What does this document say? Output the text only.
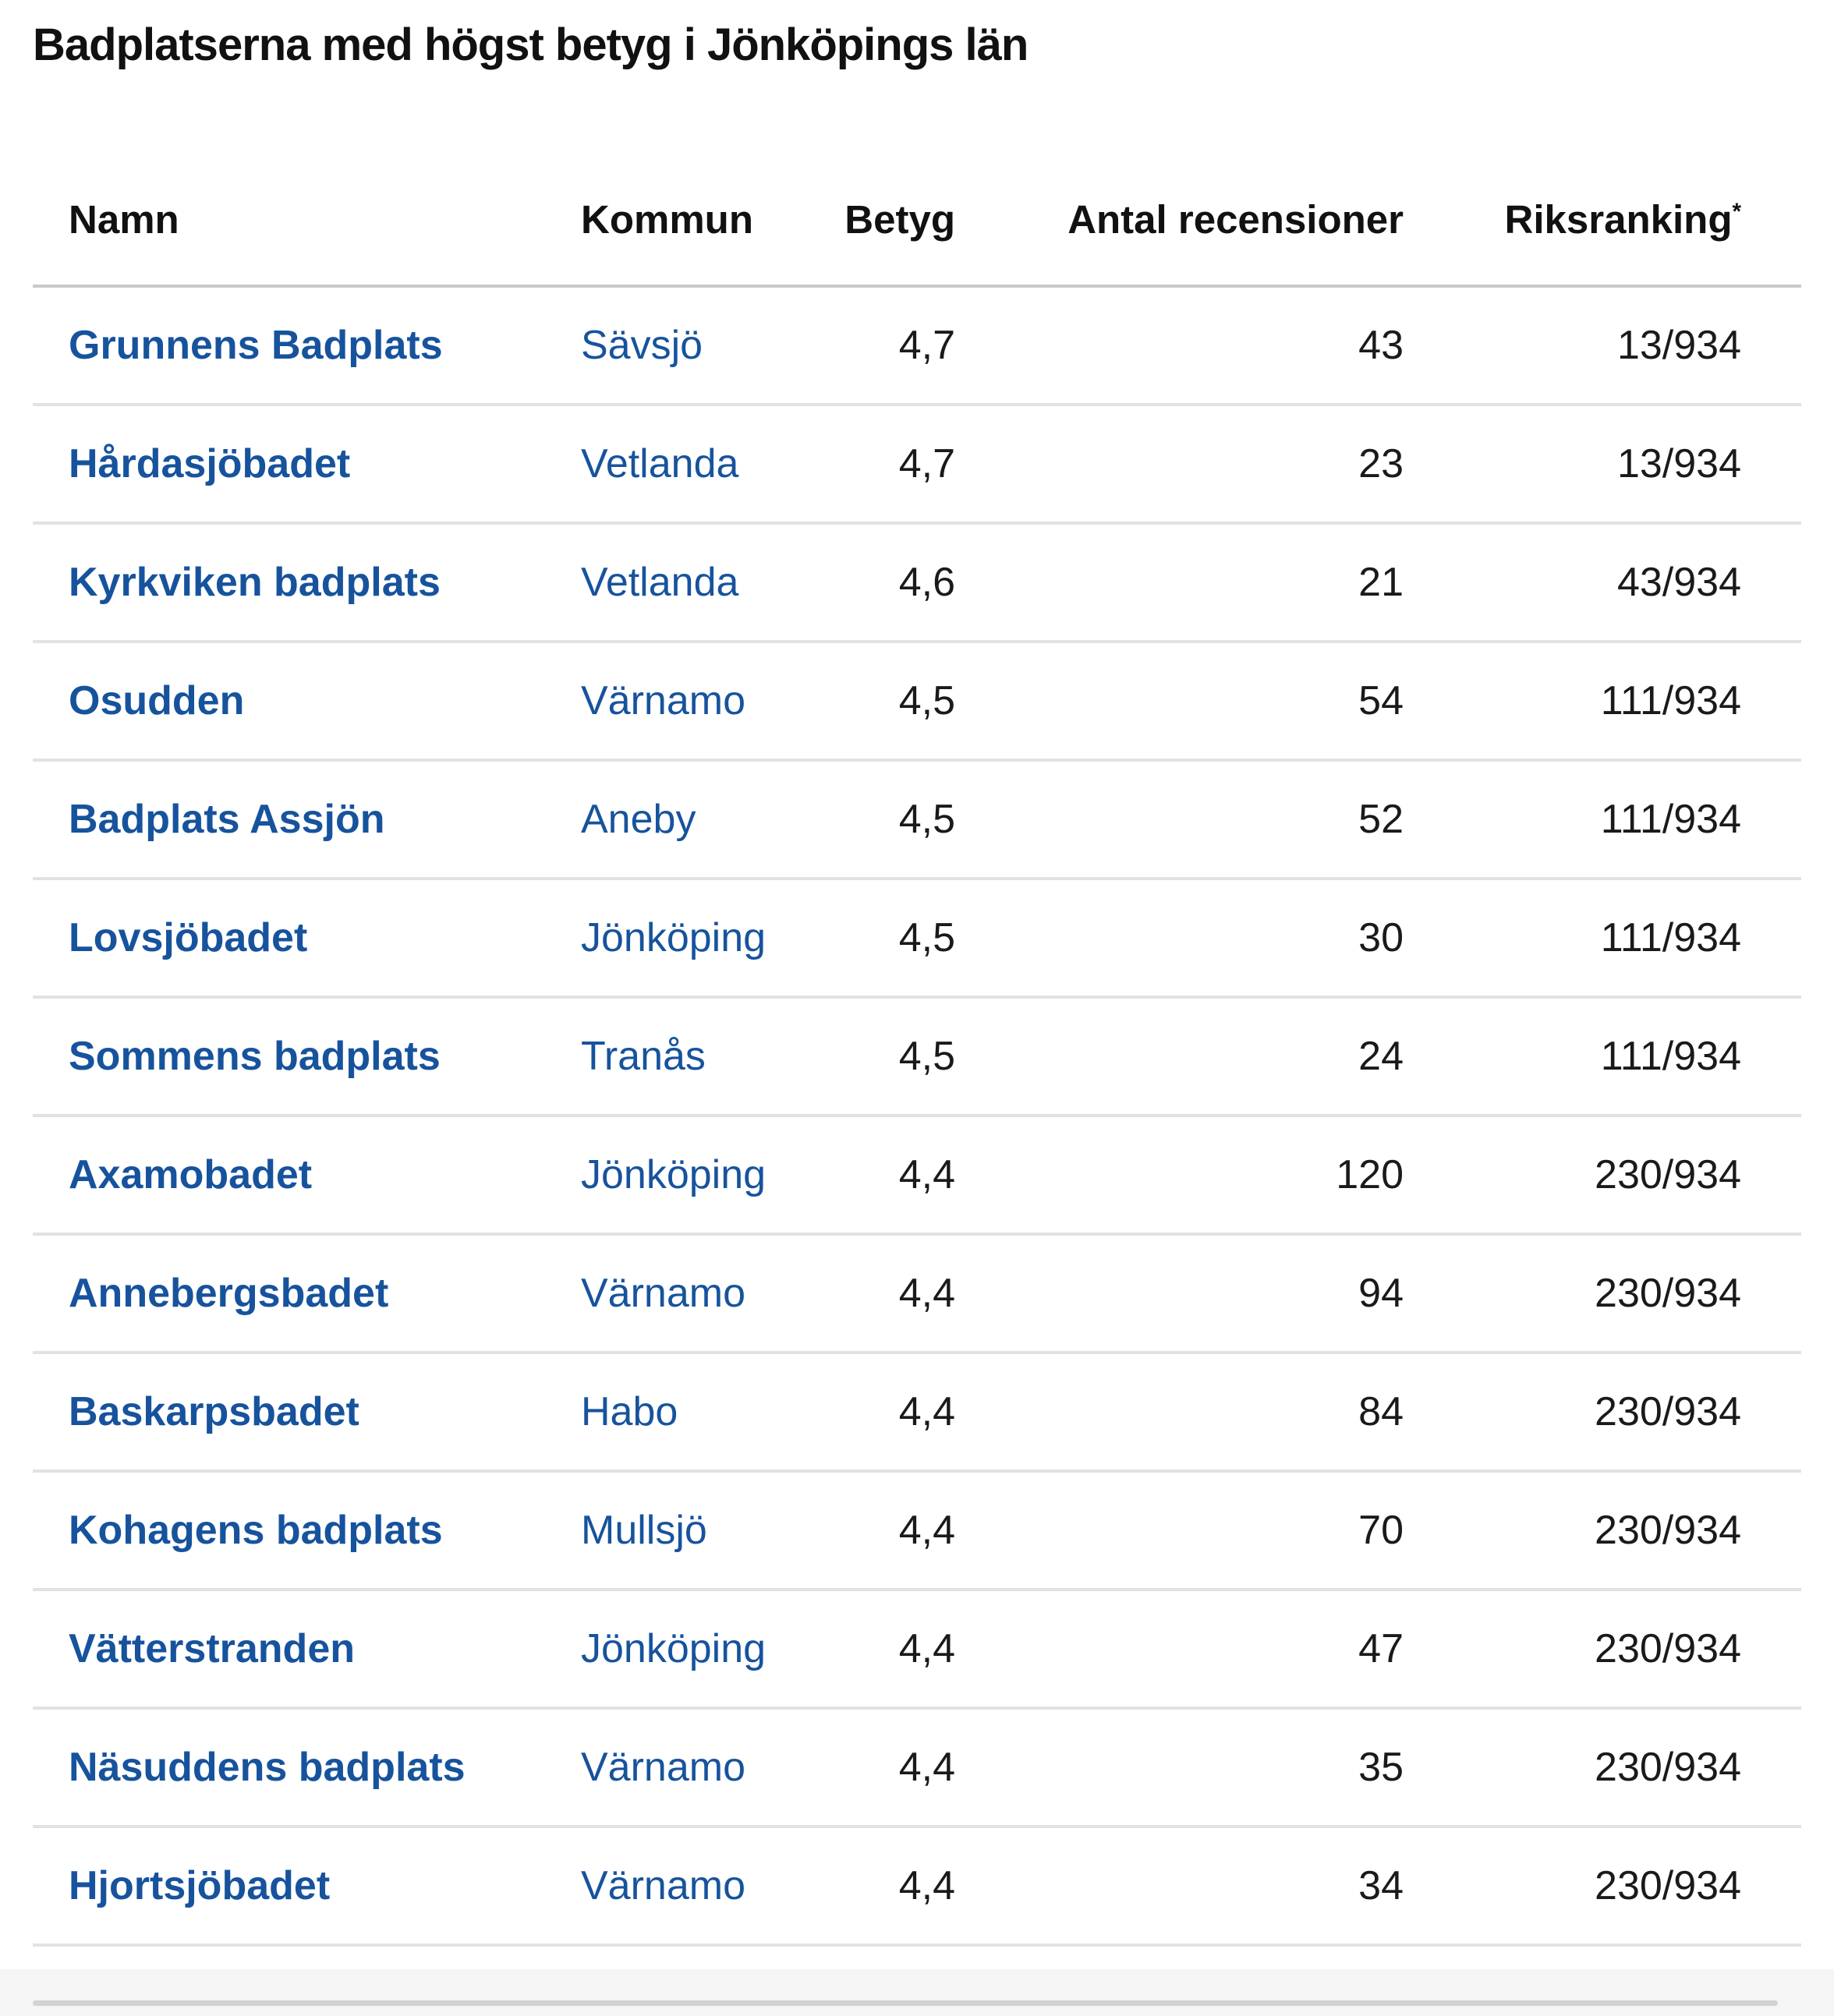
Badplatserna med högst betyg i Jönköpings län
Namn	Kommun	Betyg	Antal recensioner	Riksranking*
Grunnens Badplats	Sävsjö	4,7	43	13/934
Hårdasjöbadet	Vetlanda	4,7	23	13/934
Kyrkviken badplats	Vetlanda	4,6	21	43/934
Osudden	Värnamo	4,5	54	111/934
Badplats Assjön	Aneby	4,5	52	111/934
Lovsjöbadet	Jönköping	4,5	30	111/934
Sommens badplats	Tranås	4,5	24	111/934
Axamobadet	Jönköping	4,4	120	230/934
Annebergsbadet	Värnamo	4,4	94	230/934
Baskarpsbadet	Habo	4,4	84	230/934
Kohagens badplats	Mullsjö	4,4	70	230/934
Vätterstranden	Jönköping	4,4	47	230/934
Näsuddens badplats	Värnamo	4,4	35	230/934
Hjortsjöbadet	Värnamo	4,4	34	230/934
